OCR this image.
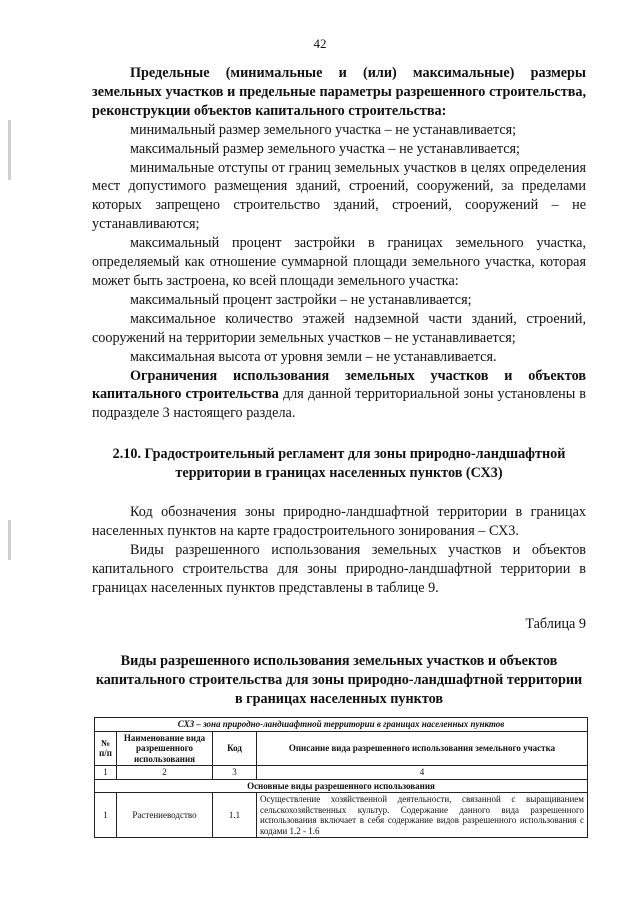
42

Предельные (минимальные и (или) максимальные) размеры земельных участков и предельные параметры разрешенного строительства, реконструкции объектов капитального строительства:

минимальный размер земельного участка – не устанавливается;

максимальный размер земельного участка – не устанавливается;

минимальные отступы от границ земельных участков в целях определения мест допустимого размещения зданий, строений, сооружений, за пределами которых запрещено строительство зданий, строений, сооружений – не устанавливаются;

максимальный процент застройки в границах земельного участка, определяемый как отношение суммарной площади земельного участка, которая может быть застроена, ко всей площади земельного участка:

максимальный процент застройки – не устанавливается;

максимальное количество этажей надземной части зданий, строений, сооружений на территории земельных участков – не устанавливается;

максимальная высота от уровня земли – не устанавливается.

Ограничения использования земельных участков и объектов капитального строительства для данной территориальной зоны установлены в подразделе 3 настоящего раздела.

2.10. Градостроительный регламент для зоны природно-ландшафтной территории в границах населенных пунктов (СХ3)

Код обозначения зоны природно-ландшафтной территории в границах населенных пунктов на карте градостроительного зонирования – СХ3.

Виды разрешенного использования земельных участков и объектов капитального строительства для зоны природно-ландшафтной территории в границах населенных пунктов представлены в таблице 9.

Таблица 9
Виды разрешенного использования земельных участков и объектов капитального строительства для зоны природно-ландшафтной территории в границах населенных пунктов
СХ3 – зона природно-ландшафтной территории в границах населенных пунктов			
№ п/п	Наименование вида разрешенного использования	Код	Описание вида разрешенного использования земельного участка
1	2	3	4
Основные виды разрешенного использования			
1	Растениеводство	1.1	Осуществление хозяйственной деятельности, связанной с выращиванием сельскохозяйственных культур. Содержание данного вида разрешенного использования включает в себя содержание видов разрешенного использования с кодами 1.2 - 1.6
